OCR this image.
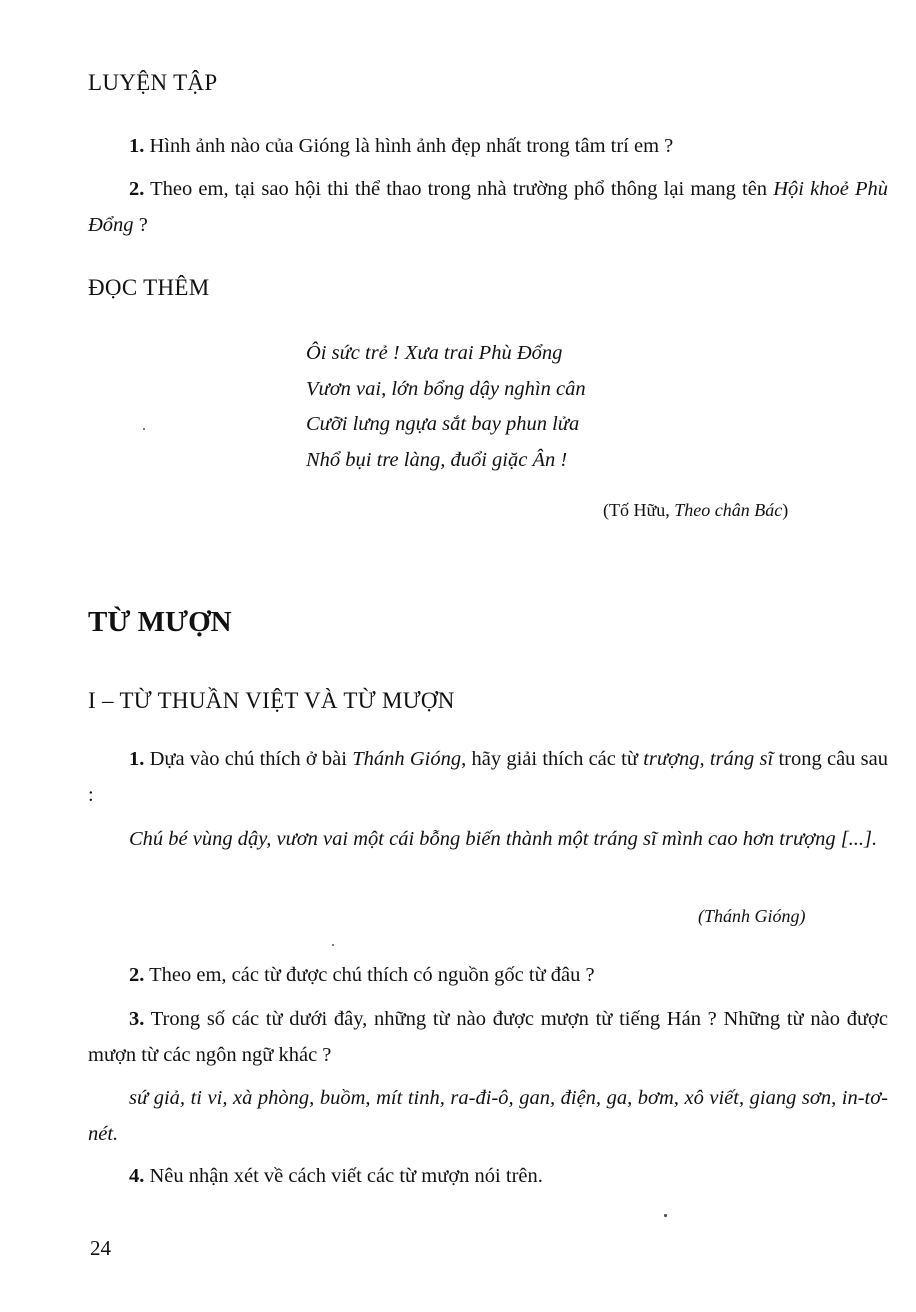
LUYỆN TẬP

1. Hình ảnh nào của Gióng là hình ảnh đẹp nhất trong tâm trí em ?

2. Theo em, tại sao hội thi thể thao trong nhà trường phổ thông lại mang tên Hội khoẻ Phù Đổng ?

ĐỌC THÊM
Ôi sức trẻ ! Xưa trai Phù Đổng
Vươn vai, lớn bổng dậy nghìn cân
Cưỡi lưng ngựa sắt bay phun lửa
Nhổ bụi tre làng, đuổi giặc Ân !
(Tố Hữu, Theo chân Bác)
TỪ MƯỢN
I – TỪ THUẦN VIỆT VÀ TỪ MƯỢN

1. Dựa vào chú thích ở bài Thánh Gióng, hãy giải thích các từ trượng, tráng sĩ trong câu sau :

Chú bé vùng dậy, vươn vai một cái bỗng biến thành một tráng sĩ mình cao hơn trượng [...].

(Thánh Gióng)

2. Theo em, các từ được chú thích có nguồn gốc từ đâu ?

3. Trong số các từ dưới đây, những từ nào được mượn từ tiếng Hán ? Những từ nào được mượn từ các ngôn ngữ khác ?

sứ giả, ti vi, xà phòng, buồm, mít tinh, ra-đi-ô, gan, điện, ga, bơm, xô viết, giang sơn, in-tơ-nét.

4. Nêu nhận xét về cách viết các từ mượn nói trên.

24
